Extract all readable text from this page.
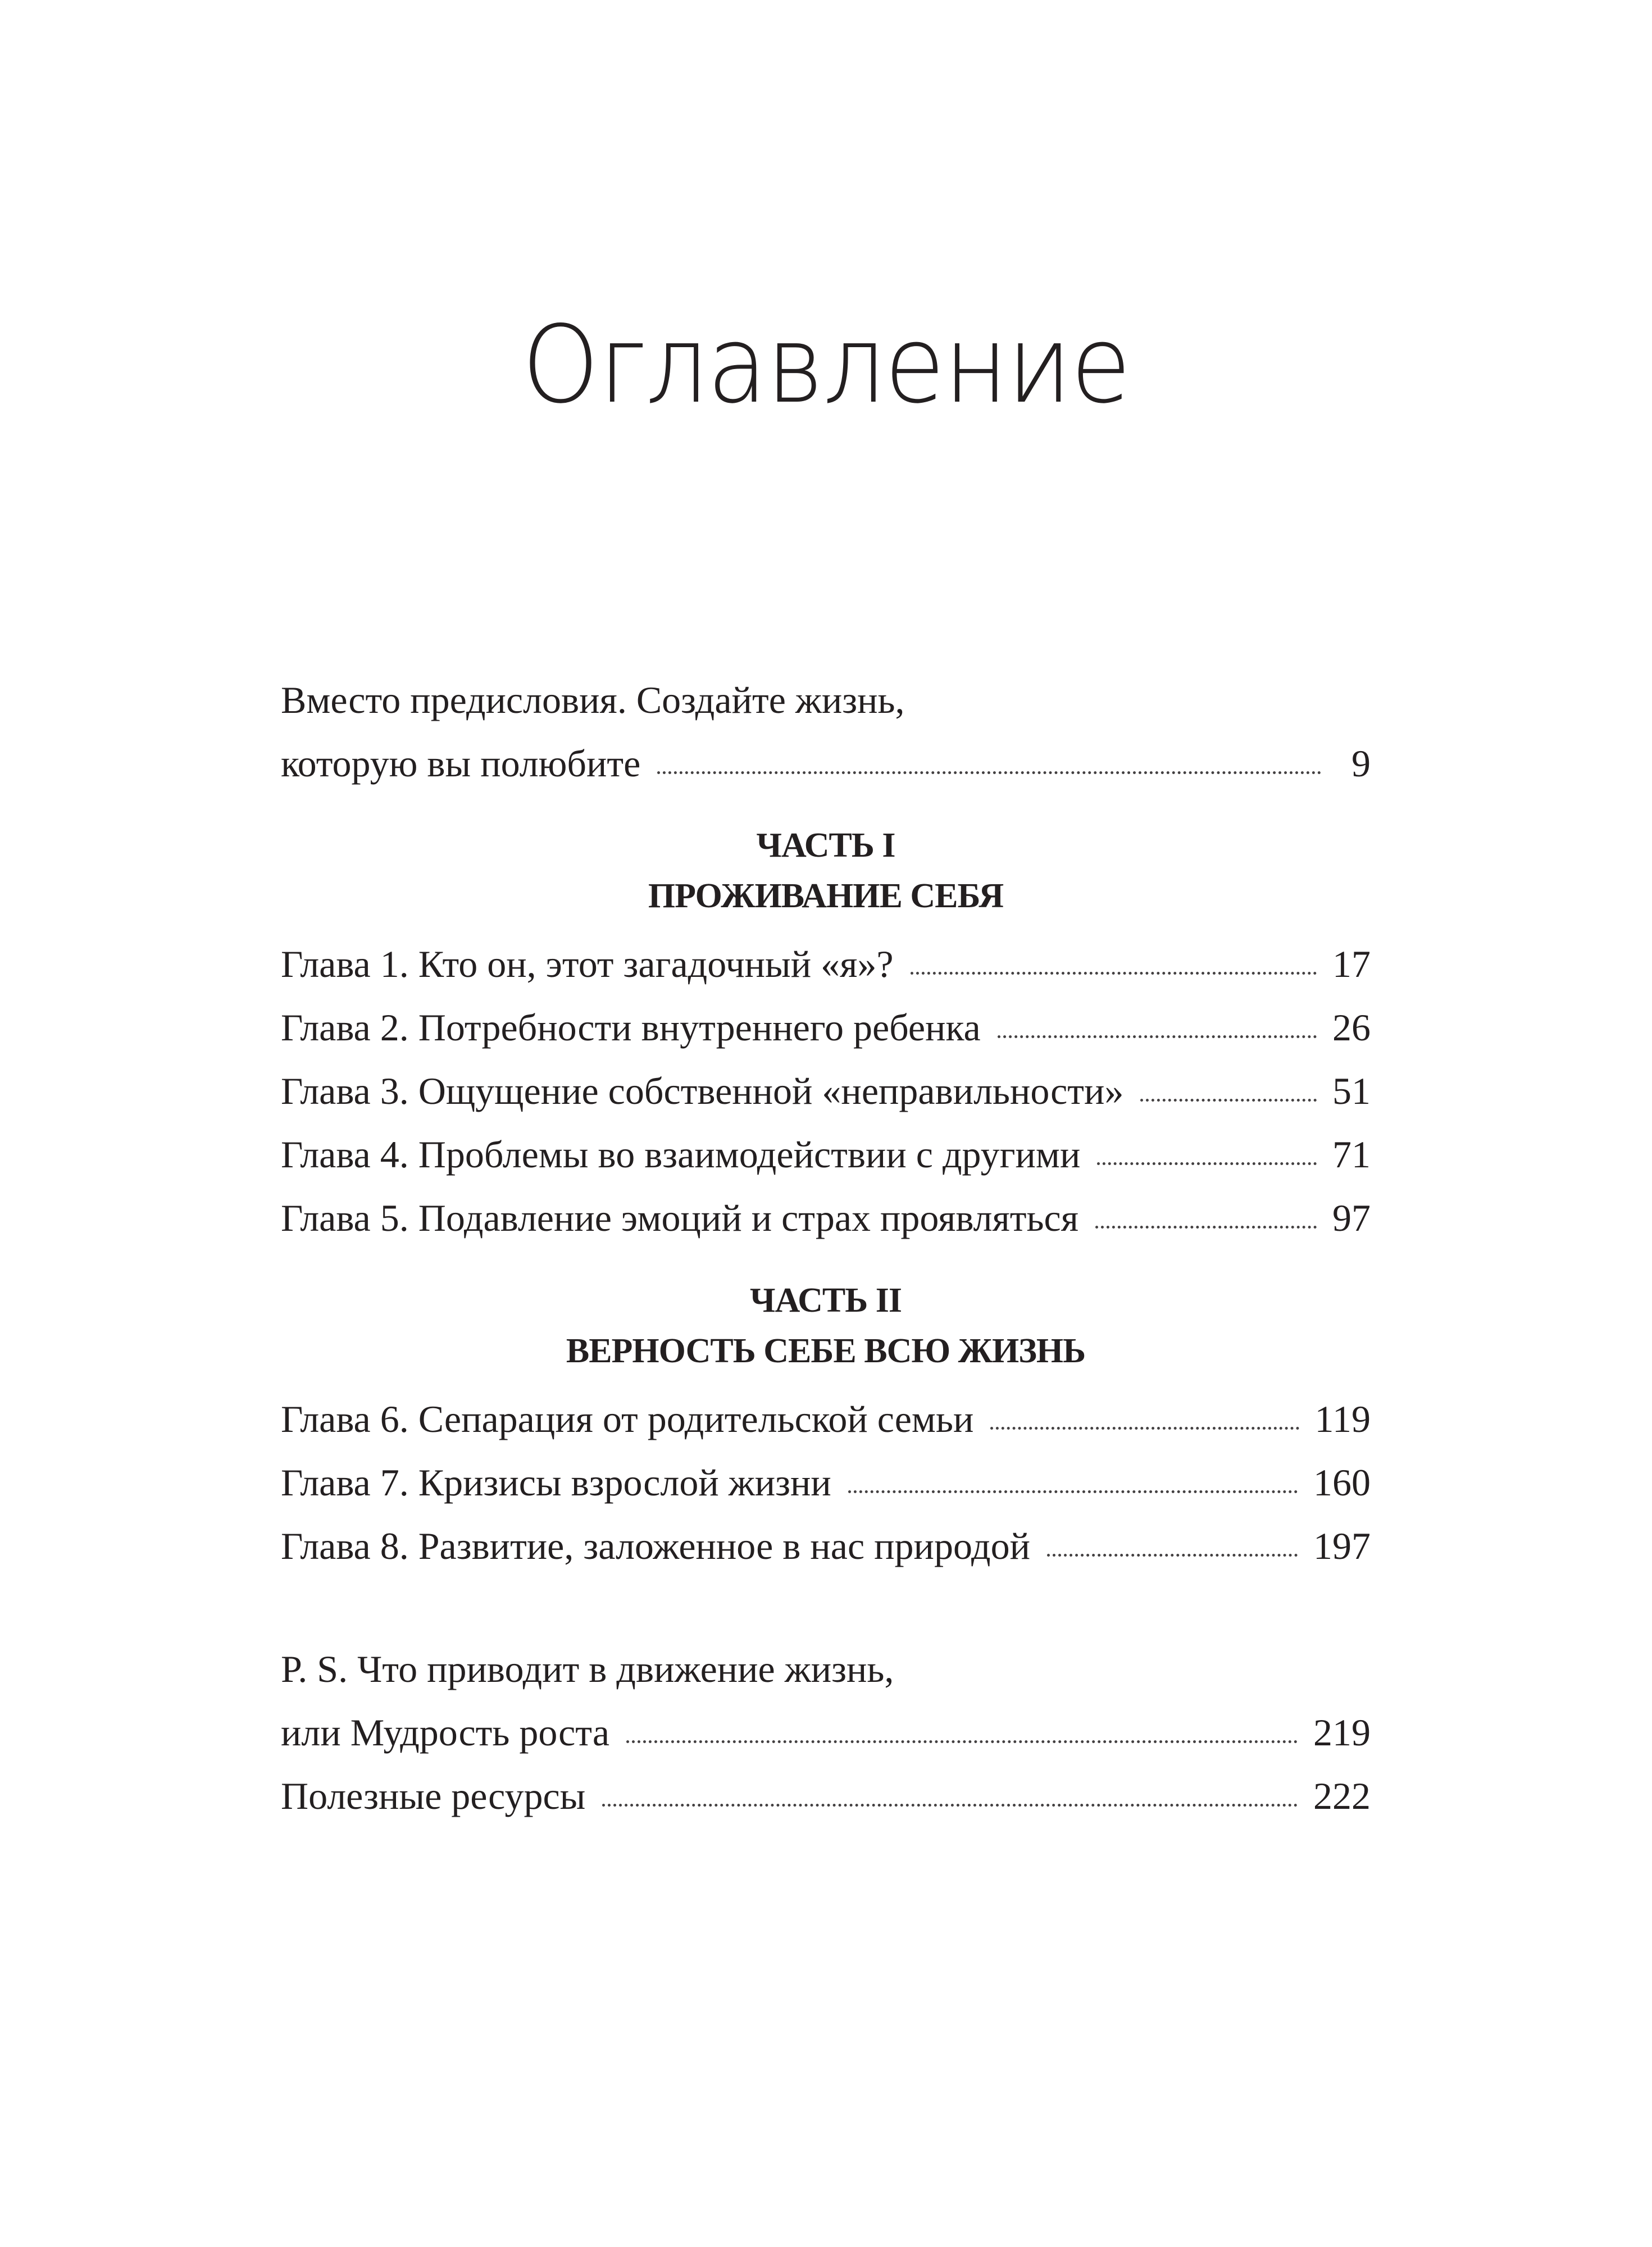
Оглавление
Вместо предисловия. Создайте жизнь,
которую вы полюбите	9
ЧАСТЬ I
ПРОЖИВАНИЕ СЕБЯ
Глава 1. Кто он, этот загадочный «я»?	17
Глава 2. Потребности внутреннего ребенка	26
Глава 3. Ощущение собственной «неправильности»	51
Глава 4. Проблемы во взаимодействии с другими	71
Глава 5. Подавление эмоций и страх проявляться	97
ЧАСТЬ II
ВЕРНОСТЬ СЕБЕ ВСЮ ЖИЗНЬ
Глава 6. Сепарация от родительской семьи	119
Глава 7. Кризисы взрослой жизни	160
Глава 8. Развитие, заложенное в нас природой	197
P. S. Что приводит в движение жизнь,
или Мудрость роста	219
Полезные ресурсы	222
